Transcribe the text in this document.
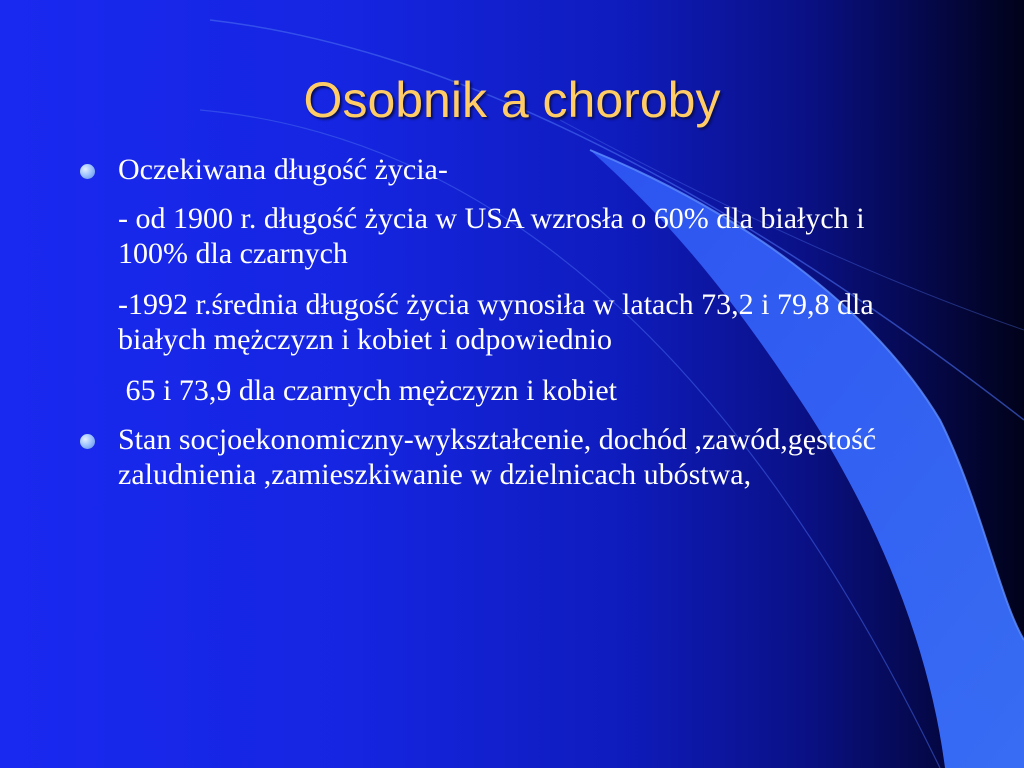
Osobnik a choroby
Oczekiwana długość życia-
- od 1900 r. długość życia w USA wzrosła o 60% dla białych i 100% dla czarnych
-1992 r.średnia długość życia wynosiła w latach 73,2 i 79,8 dla białych mężczyzn i kobiet i odpowiednio
65 i 73,9 dla czarnych mężczyzn i kobiet
Stan socjoekonomiczny-wykształcenie, dochód ,zawód,gęstość zaludnienia ,zamieszkiwanie w dzielnicach ubóstwa,
